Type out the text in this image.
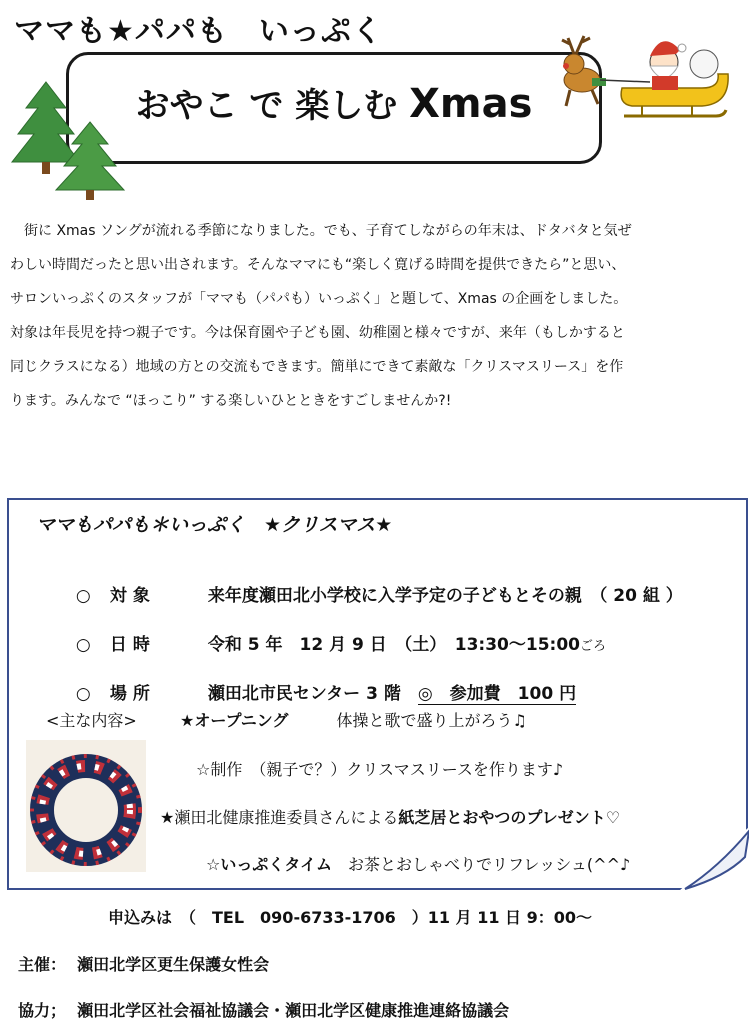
ママも★パパも　いっぷく
おやこ で 楽しむ Xmas

　街に Xmas ソングが流れる季節になりました。でも、子育てしながらの年末は、ドタバタと気ぜ

わしい時間だったと思い出されます。そんなママにも“楽しく寛げる時間を提供できたら”と思い、

サロンいっぷくのスタッフが「ママも（パパも）いっぷく」と題して、Xmas の企画をしました。

対象は年長児を持つ親子です。今は保育園や子ども園、幼稚園と様々ですが、来年（もしかすると

同じクラスになる）地域の方との交流もできます。簡単にできて素敵な「クリスマスリース」を作

ります。みんなで “ほっこり” する楽しいひとときをすごしませんか?!

ママもパパも＊いっぷく　★クリスマス★

○ 対象	来年度瀬田北小学校に入学予定の子どもとその親　（ 20 組 ）

○ 日時	令和 5 年　12 月 9 日　（土）　13:30〜15:00ごろ

○ 場所	瀬田北市民センター 3 階　◎　参加費　100 円

<主な内容>	★オープニング　　　	体操と歌で盛り上がろう♫
☆制作　 （親子で？）クリスマスリースを作ります♪
★瀬田北健康推進委員さんによる紙芝居とおやつのプレゼント♡
☆いっぷくタイム　 お茶とおしゃべりでリフレッシュ(^^♪
申込みは　（　TEL　090-6733-1706　）11 月 11 日 9：00〜
主催：  瀬田北学区更生保護女性会
協力；  瀬田北学区社会福祉協議会・瀬田北学区健康推進連絡協議会
